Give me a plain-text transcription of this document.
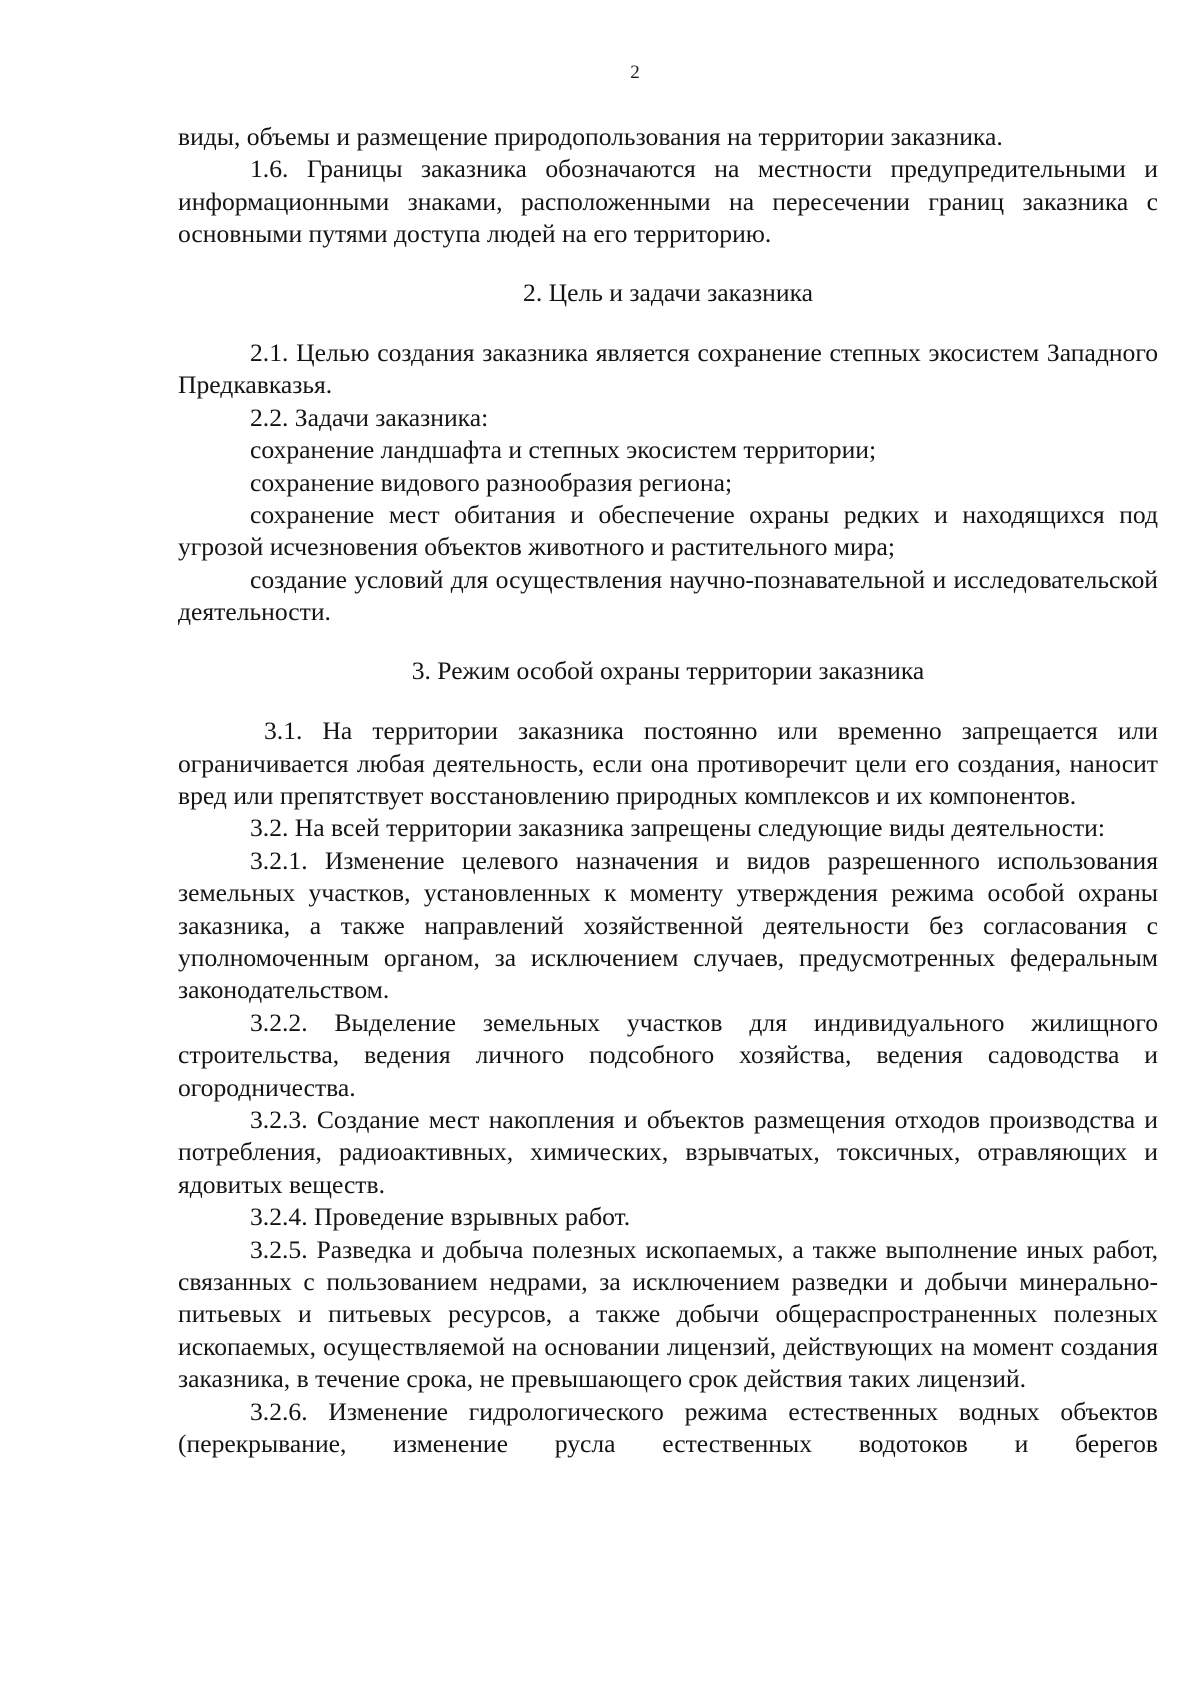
2

виды, объемы и размещение природопользования на территории заказника.

1.6. Границы заказника обозначаются на местности предупредительными и информационными знаками, расположенными на пересечении границ заказника с основными путями доступа людей на его территорию.

2. Цель и задачи заказника

2.1. Целью создания заказника является сохранение степных экосистем Западного Предкавказья.

2.2. Задачи заказника:

сохранение ландшафта и степных экосистем территории;

сохранение видового разнообразия региона;

сохранение мест обитания и обеспечение охраны редких и находящихся под угрозой исчезновения объектов животного и растительного мира;

создание условий для осуществления научно-познавательной и исследовательской деятельности.

3. Режим особой охраны территории заказника

3.1. На территории заказника постоянно или временно запрещается или ограничивается любая деятельность, если она противоречит цели его создания, наносит вред или препятствует восстановлению природных комплексов и их компонентов.

3.2. На всей территории заказника запрещены следующие виды деятельности:

3.2.1. Изменение целевого назначения и видов разрешенного использования земельных участков, установленных к моменту утверждения режима особой охраны заказника, а также направлений хозяйственной деятельности без согласования с уполномоченным органом, за исключением случаев, предусмотренных федеральным законодательством.

3.2.2. Выделение земельных участков для индивидуального жилищного строительства, ведения личного подсобного хозяйства, ведения садоводства и огородничества.

3.2.3. Создание мест накопления и объектов размещения отходов производства и потребления, радиоактивных, химических, взрывчатых, токсичных, отравляющих и ядовитых веществ.

3.2.4. Проведение взрывных работ.

3.2.5. Разведка и добыча полезных ископаемых, а также выполнение иных работ, связанных с пользованием недрами, за исключением разведки и добычи минерально-питьевых и питьевых ресурсов, а также добычи общераспространенных полезных ископаемых, осуществляемой на основании лицензий, действующих на момент создания заказника, в течение срока, не превышающего срок действия таких лицензий.

3.2.6. Изменение гидрологического режима естественных водных объектов (перекрывание, изменение русла естественных водотоков и берегов
